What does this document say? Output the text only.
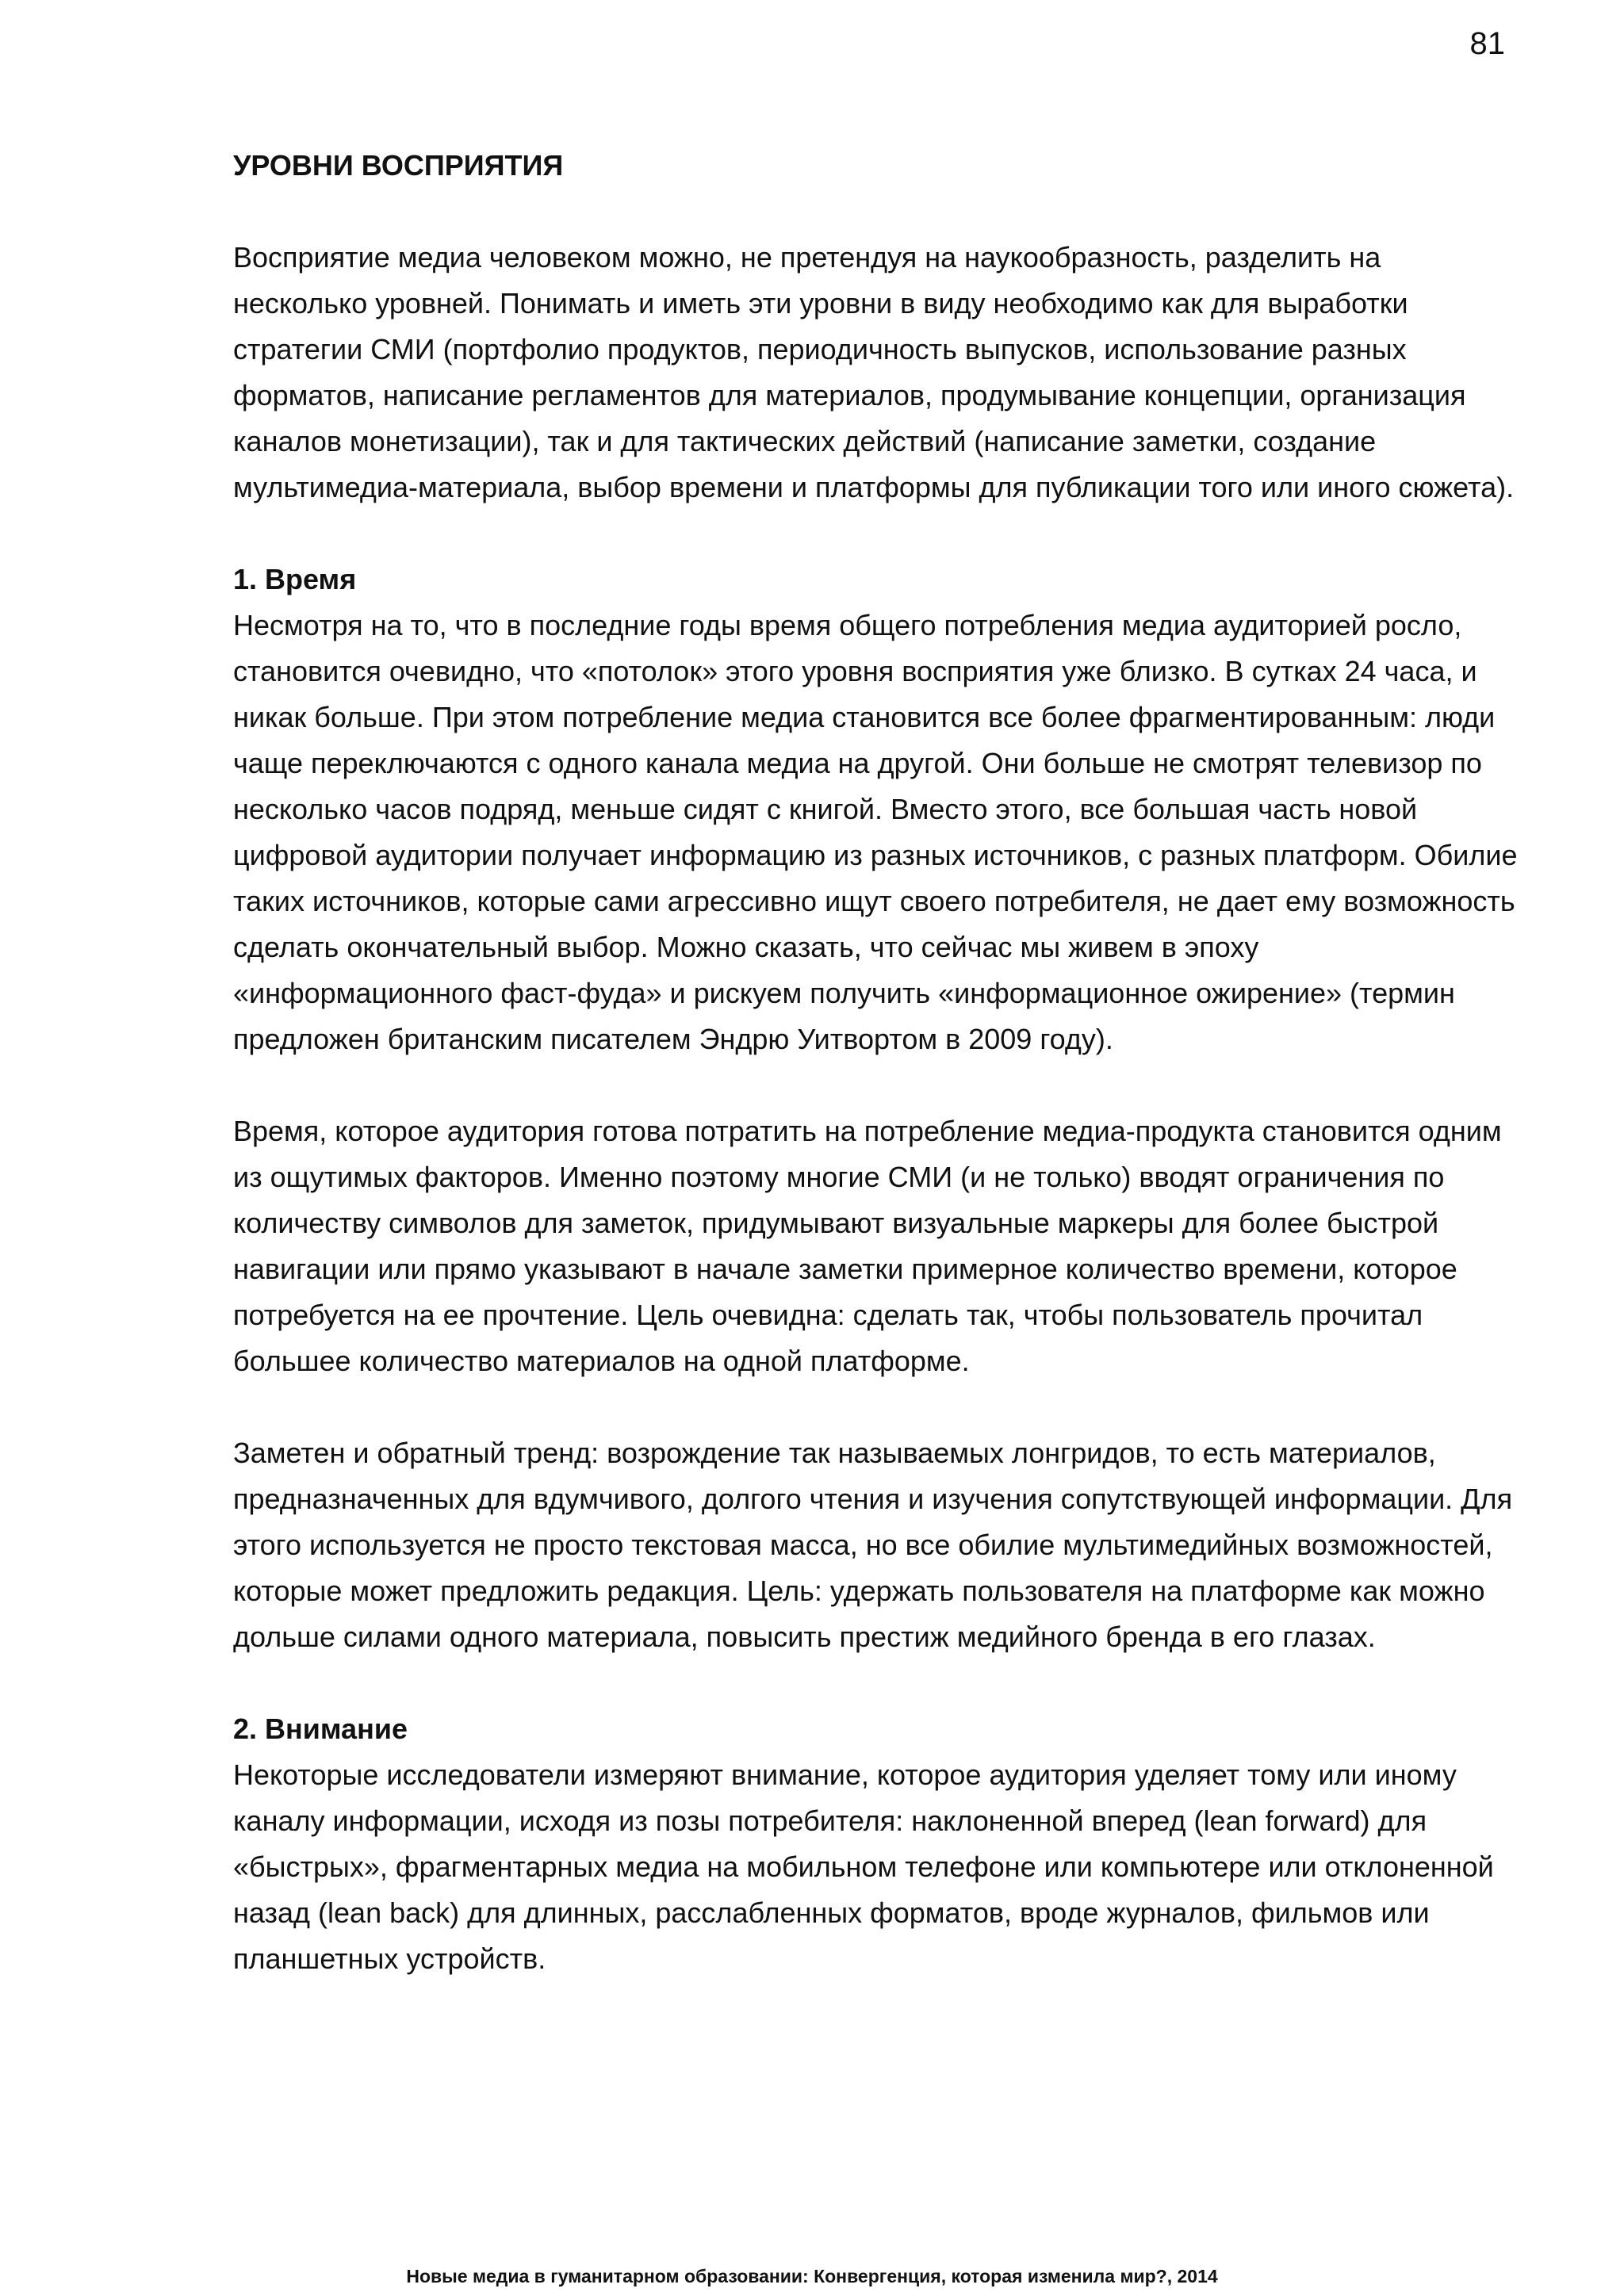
81
УРОВНИ ВОСПРИЯТИЯ

Восприятие медиа человеком можно, не претендуя на наукообразность, разделить на несколько уровней. Понимать и иметь эти уровни в виду необходимо как для выработки стратегии СМИ (портфолио продуктов, периодичность выпусков, использование разных форматов, написание регламентов для материалов, продумывание концепции, организация каналов монетизации), так и для тактических действий (написание заметки, создание мультимедиа-материала, выбор времени и платформы для публикации того или иного сюжета).

1. Время

Несмотря на то, что в последние годы время общего потребления медиа аудиторией росло, становится очевидно, что «потолок» этого уровня восприятия уже близко. В сутках 24 часа, и никак больше. При этом потребление медиа становится все более фрагментированным: люди чаще переключаются с одного канала медиа на другой. Они больше не смотрят телевизор по несколько часов подряд, меньше сидят с книгой. Вместо этого, все большая часть новой цифровой аудитории получает информацию из разных источников, с разных платформ. Обилие таких источников, которые сами агрессивно ищут своего потребителя, не дает ему возможность сделать окончательный выбор. Можно сказать, что сейчас мы живем в эпоху «информационного фаст-фуда» и рискуем получить «информационное ожирение» (термин предложен британским писателем Эндрю Уитвортом в 2009 году).

Время, которое аудитория готова потратить на потребление медиа-продукта становится одним из ощутимых факторов. Именно поэтому многие СМИ (и не только) вводят ограничения по количеству символов для заметок, придумывают визуальные маркеры для более быстрой навигации или прямо указывают в начале заметки примерное количество времени, которое потребуется на ее прочтение. Цель очевидна: сделать так, чтобы пользователь прочитал большее количество материалов на одной платформе.

Заметен и обратный тренд: возрождение так называемых лонгридов, то есть материалов, предназначенных для вдумчивого, долгого чтения и изучения сопутствующей информации. Для этого используется не просто текстовая масса, но все обилие мультимедийных возможностей, которые может предложить редакция. Цель: удержать пользователя на платформе как можно дольше силами одного материала, повысить престиж медийного бренда в его глазах.

2. Внимание

Некоторые исследователи измеряют внимание, которое аудитория уделяет тому или иному каналу информации, исходя из позы потребителя: наклоненной вперед (lean forward) для «быстрых», фрагментарных медиа на мобильном телефоне или компьютере или отклоненной назад (lean back) для длинных, расслабленных форматов, вроде журналов, фильмов или планшетных устройств.

Новые медиа в гуманитарном образовании: Конвергенция, которая изменила мир?, 2014
